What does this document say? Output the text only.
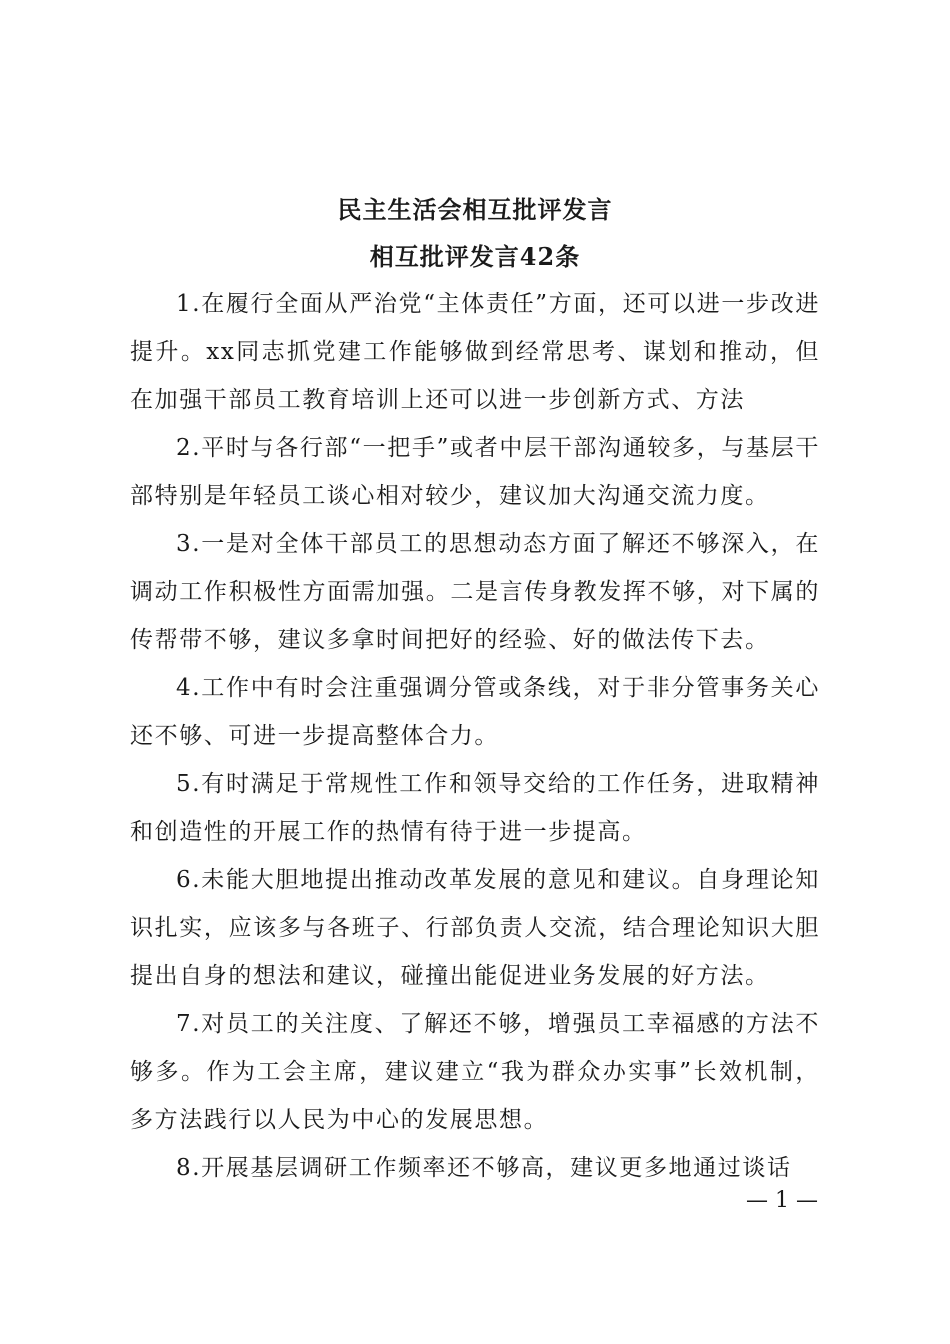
民主生活会相互批评发言
相互批评发言42条

1.在履行全面从严治党“主体责任”方面，还可以进一步改进提升。xx同志抓党建工作能够做到经常思考、谋划和推动，但在加强干部员工教育培训上还可以进一步创新方式、方法

2.平时与各行部“一把手”或者中层干部沟通较多，与基层干部特别是年轻员工谈心相对较少，建议加大沟通交流力度。

3.一是对全体干部员工的思想动态方面了解还不够深入，在调动工作积极性方面需加强。二是言传身教发挥不够，对下属的传帮带不够，建议多拿时间把好的经验、好的做法传下去。

4.工作中有时会注重强调分管或条线，对于非分管事务关心还不够、可进一步提高整体合力。

5.有时满足于常规性工作和领导交给的工作任务，进取精神和创造性的开展工作的热情有待于进一步提高。

6.未能大胆地提出推动改革发展的意见和建议。自身理论知识扎实，应该多与各班子、行部负责人交流，结合理论知识大胆提出自身的想法和建议，碰撞出能促进业务发展的好方法。

7.对员工的关注度、了解还不够，增强员工幸福感的方法不够多。作为工会主席，建议建立“我为群众办实事”长效机制，多方法践行以人民为中心的发展思想。

8.开展基层调研工作频率还不够高，建议更多地通过谈话

— 1 —
